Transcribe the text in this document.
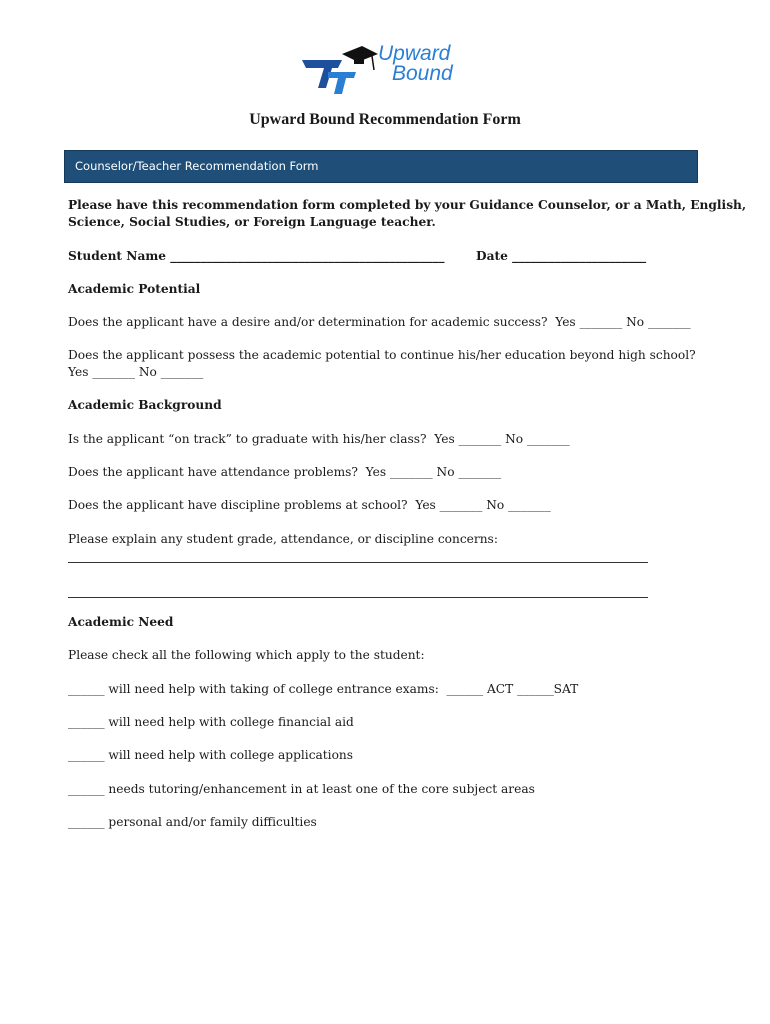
Upward
Bound
Upward Bound Recommendation Form
Counselor/Teacher Recommendation Form
Please have this recommendation form completed by your Guidance Counselor, or a Math, English,
Science, Social Studies, or Foreign Language teacher.
Student Name _____________________________________________	Date ______________________
Academic Potential
Does the applicant have a desire and/or determination for academic success?  Yes _______ No _______
Does the applicant possess the academic potential to continue his/her education beyond high school?
Yes _______ No _______
Academic Background
Is the applicant “on track” to graduate with his/her class?  Yes _______ No _______
Does the applicant have attendance problems?  Yes _______ No _______
Does the applicant have discipline problems at school?  Yes _______ No _______
Please explain any student grade, attendance, or discipline concerns:
Academic Need
Please check all the following which apply to the student:
______ will need help with taking of college entrance exams:  ______ ACT ______SAT
______ will need help with college financial aid
______ will need help with college applications
______ needs tutoring/enhancement in at least one of the core subject areas
______ personal and/or family difficulties
